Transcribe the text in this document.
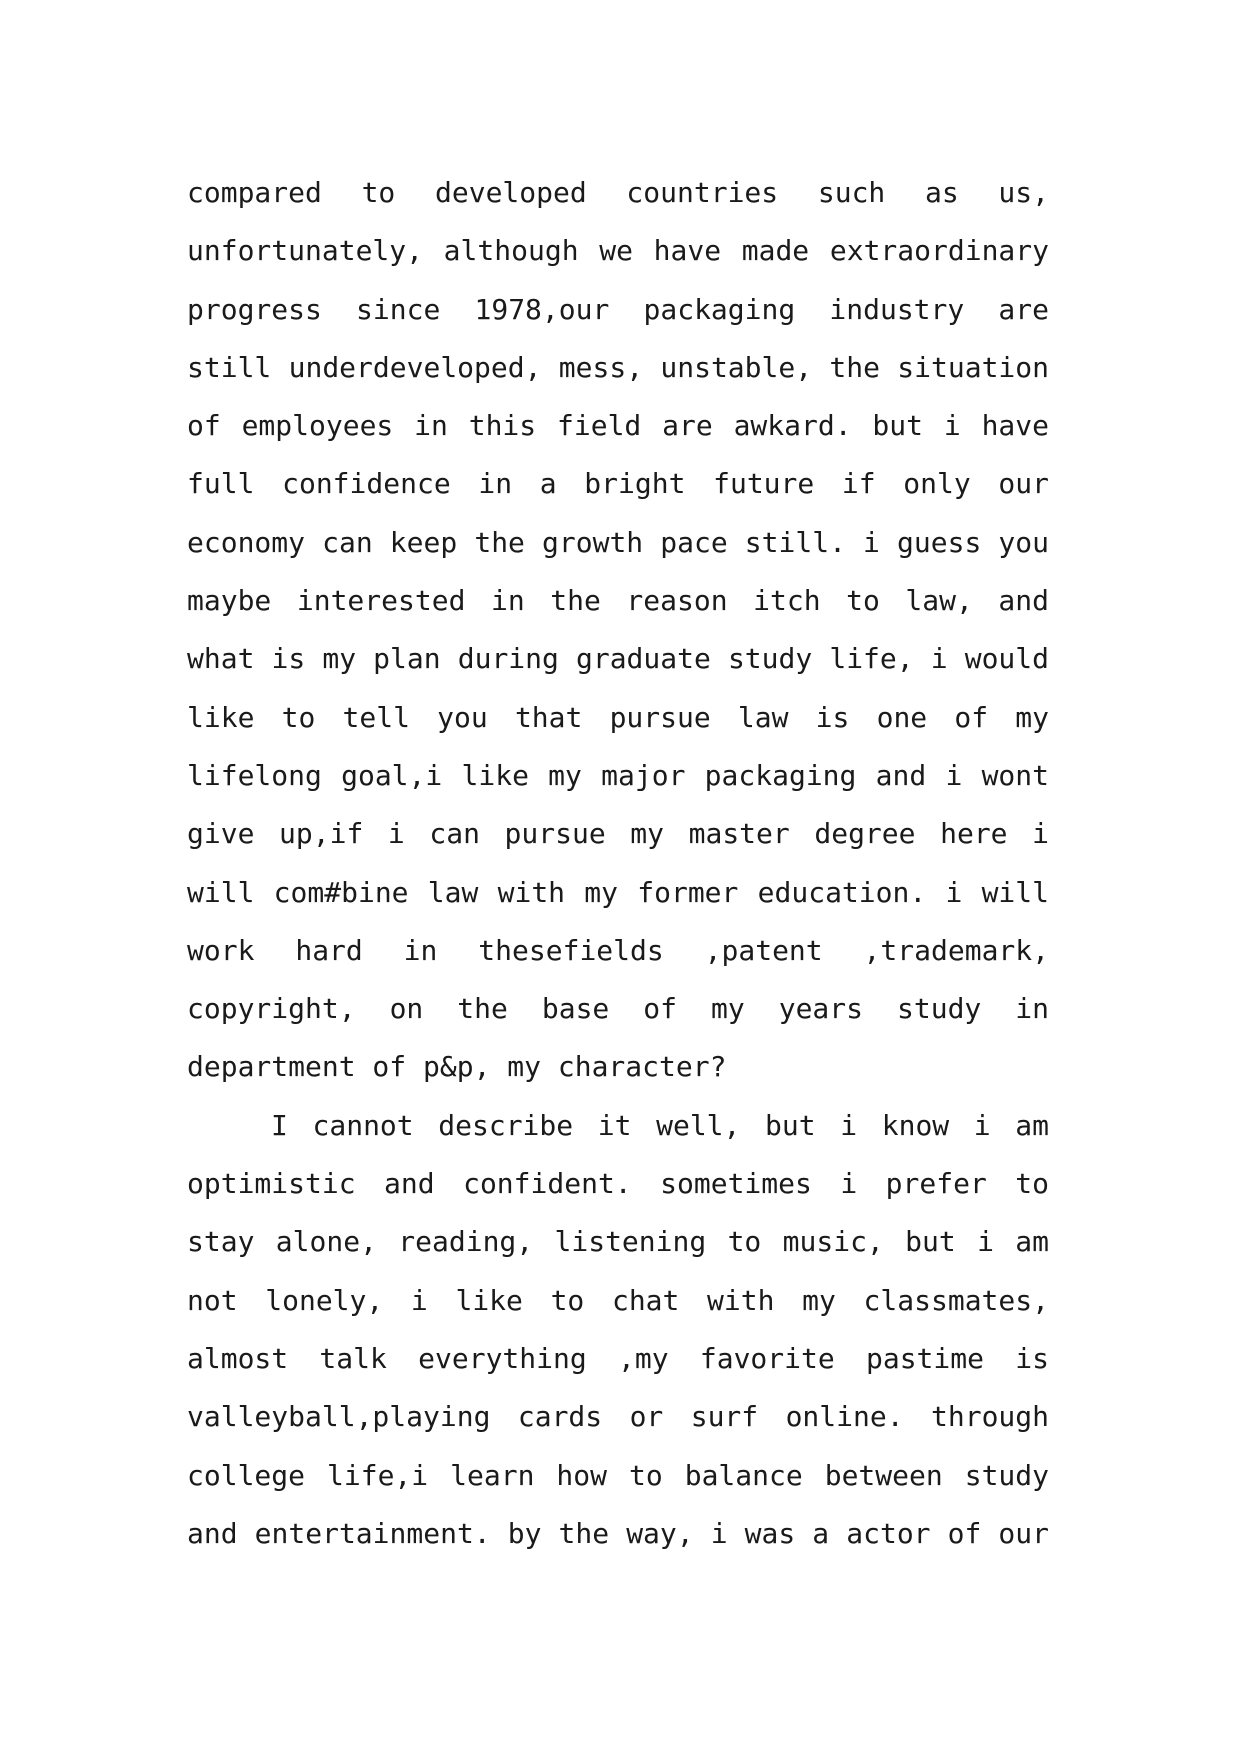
compared to developed countries such as us,
unfortunately, although we have made extraordinary
progress since 1978,our packaging industry are
still underdeveloped, mess, unstable, the situation
of employees in this field are awkard. but i have
full confidence in a bright future if only our
economy can keep the growth pace still. i guess you
maybe interested in the reason itch to law, and
what is my plan during graduate study life, i would
like to tell you that pursue law is one of my
lifelong goal,i like my major packaging and i wont
give up,if i can pursue my master degree here i
will com#bine law with my former education. i will
work hard in thesefields ,patent ,trademark,
copyright, on the base of my years study in
department of p&p, my character?
I cannot describe it well, but i know i am
optimistic and confident. sometimes i prefer to
stay alone, reading, listening to music, but i am
not lonely, i like to chat with my classmates,
almost talk everything ,my favorite pastime is
valleyball,playing cards or surf online. through
college life,i learn how to balance between study
and entertainment. by the way, i was a actor of our
